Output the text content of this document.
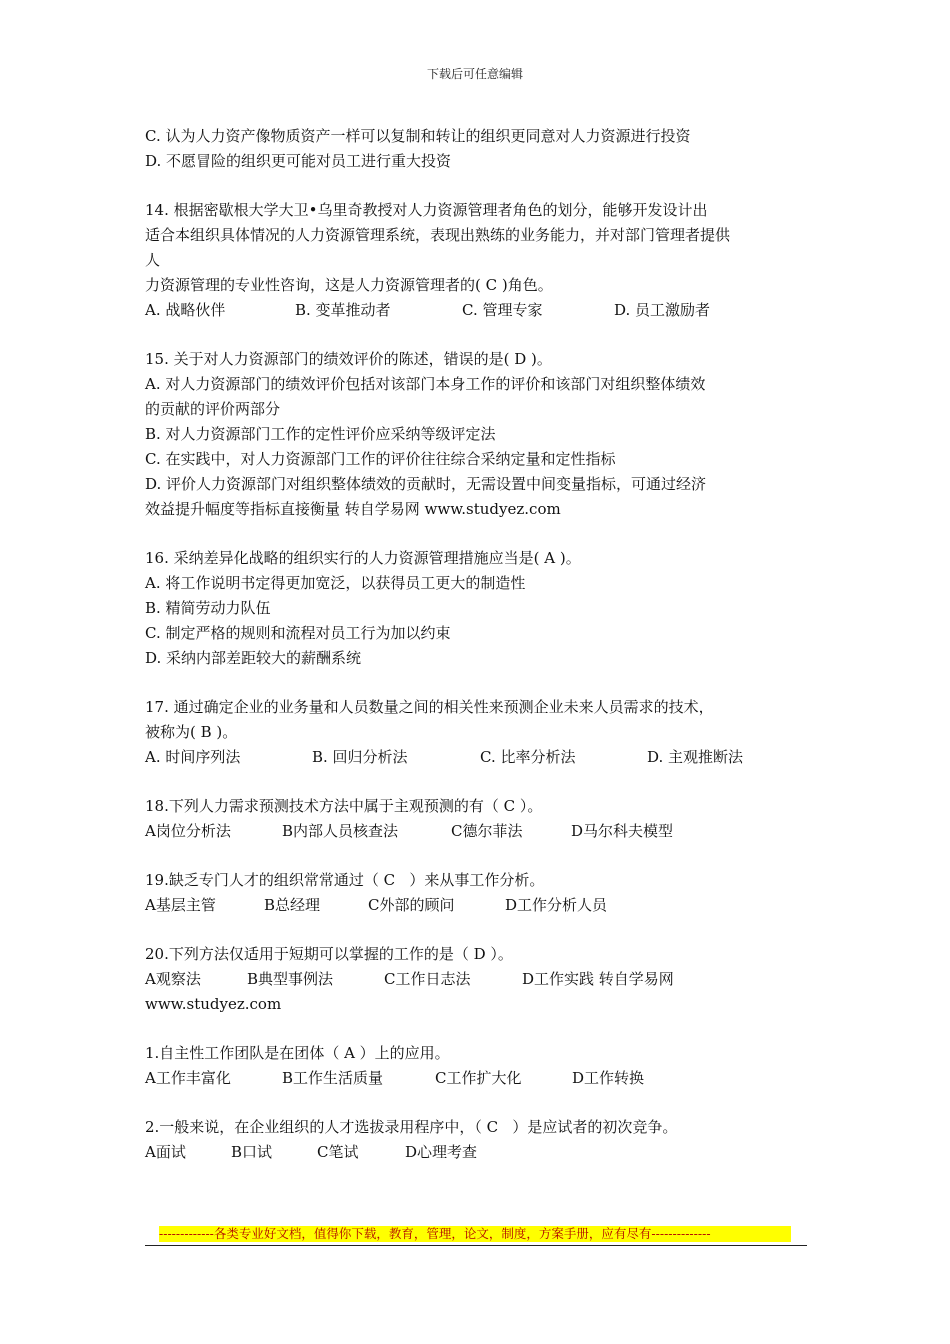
下载后可任意编辑

C. 认为人力资产像物质资产一样可以复制和转让的组织更同意对人力资源进行投资

D. 不愿冒险的组织更可能对员工进行重大投资

14. 根据密歇根大学大卫•乌里奇教授对人力资源管理者角色的划分，能够开发设计出

适合本组织具体情况的人力资源管理系统，表现出熟练的业务能力，并对部门管理者提供

人

力资源管理的专业性咨询，这是人力资源管理者的( C )角色。

A. 战略伙伴	B. 变革推动者	C. 管理专家	D. 员工激励者

15. 关于对人力资源部门的绩效评价的陈述，错误的是( D )。

A. 对人力资源部门的绩效评价包括对该部门本身工作的评价和该部门对组织整体绩效

的贡献的评价两部分

B. 对人力资源部门工作的定性评价应采纳等级评定法

C. 在实践中，对人力资源部门工作的评价往往综合采纳定量和定性指标

D. 评价人力资源部门对组织整体绩效的贡献时，无需设置中间变量指标，可通过经济

效益提升幅度等指标直接衡量 转自学易网 www.studyez.com

16. 采纳差异化战略的组织实行的人力资源管理措施应当是( A )。

A. 将工作说明书定得更加宽泛，以获得员工更大的制造性

B. 精简劳动力队伍

C. 制定严格的规则和流程对员工行为加以约束

D. 采纳内部差距较大的薪酬系统

17. 通过确定企业的业务量和人员数量之间的相关性来预测企业未来人员需求的技术，

被称为( B )。

A. 时间序列法	B. 回归分析法	C. 比率分析法	D. 主观推断法

18.下列人力需求预测技术方法中属于主观预测的有（ C ）。

A岗位分析法	B内部人员核查法	C德尔菲法	D马尔科夫模型

19.缺乏专门人才的组织常常通过（ C   ）来从事工作分析。

A基层主管	B总经理	C外部的顾问	D工作分析人员

20.下列方法仅适用于短期可以掌握的工作的是（ D ）。

A观察法	B典型事例法	C工作日志法	D工作实践 转自学易网

www.studyez.com

1.自主性工作团队是在团体（ A ）上的应用。

A工作丰富化	B工作生活质量	C工作扩大化	D工作转换

2.一般来说，在企业组织的人才选拔录用程序中，（ C   ）是应试者的初次竞争。

A面试	B口试	C笔试	D心理考查
-------------各类专业好文档，值得你下载，教育，管理，论文，制度，方案手册，应有尽有--------------
